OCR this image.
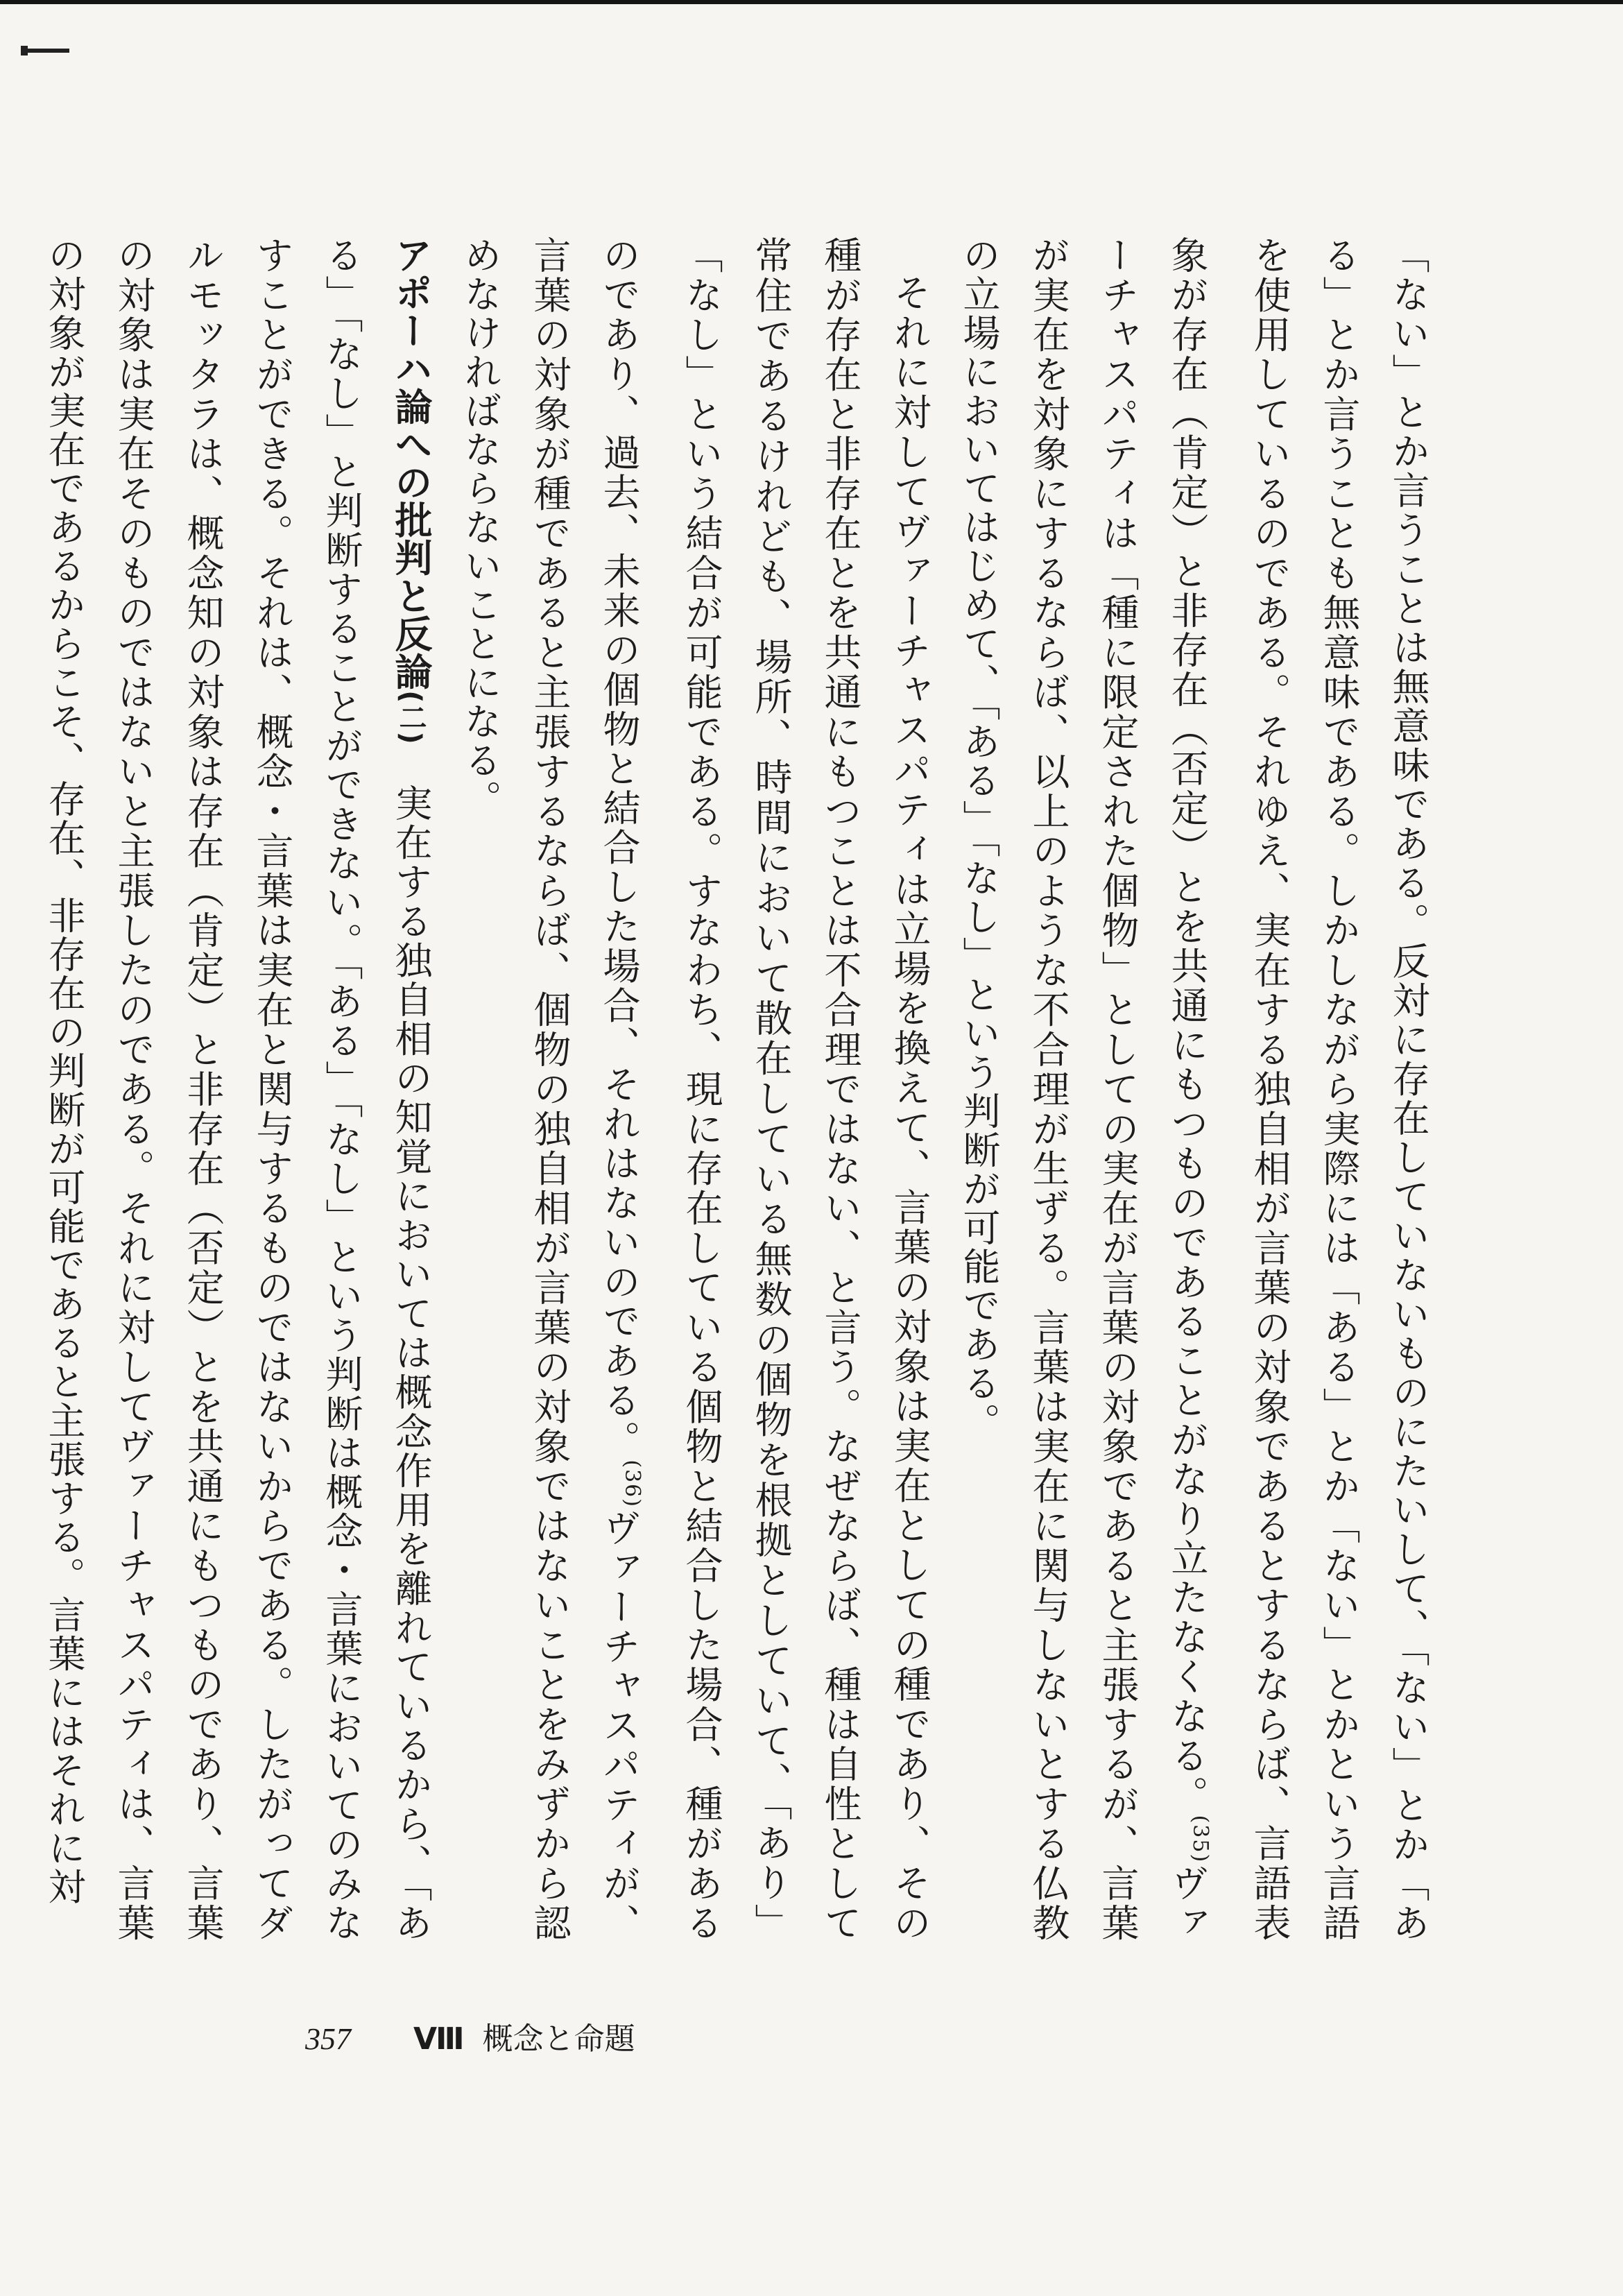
「ない」とか言うことは無意味である。反対に存在していないものにたいして、「ない」とか「ある」とか言うことも無意味である。しかしながら実際には「ある」とか「ない」とかという言語を使用しているのである。それゆえ、実在する独自相が言葉の対象であるとするならば、言語表象が存在（肯定）と非存在（否定）とを共通にもつものであることがなり立たなくなる。$^{(35)}$ヴァーチャスパティは「種に限定された個物」としての実在が言葉の対象であると主張するが、言葉が実在を対象にするならば、以上のような不合理が生ずる。言葉は実在に関与しないとする仏教の立場においてはじめて、「ある」「なし」という判断が可能である。

それに対してヴァーチャスパティは立場を換えて、言葉の対象は実在としての種であり、その種が存在と非存在とを共通にもつことは不合理ではない、と言う。なぜならば、種は自性として常住であるけれども、場所、時間において散在している無数の個物を根拠としていて、「あり」「なし」という結合が可能である。すなわち、現に存在している個物と結合した場合、種があるのであり、過去、未来の個物と結合した場合、それはないのである。$^{(36)}$ヴァーチャスパティが、言葉の対象が種であると主張するならば、個物の独自相が言葉の対象ではないことをみずから認めなければならないことになる。

アポーハ論への批判と反論(二)　実在する独自相の知覚においては概念作用を離れているから、「ある」「なし」と判断することができない。「ある」「なし」という判断は概念・言葉においてのみなすことができる。それは、概念・言葉は実在と関与するものではないからである。したがってダルモッタラは、概念知の対象は存在（肯定）と非存在（否定）とを共通にもつものであり、言葉の対象は実在そのものではないと主張したのである。それに対してヴァーチャスパティは、言葉の対象が実在であるからこそ、存在、非存在の判断が可能であると主張する。言葉にはそれに対

357 Ⅷ 概念と命題
